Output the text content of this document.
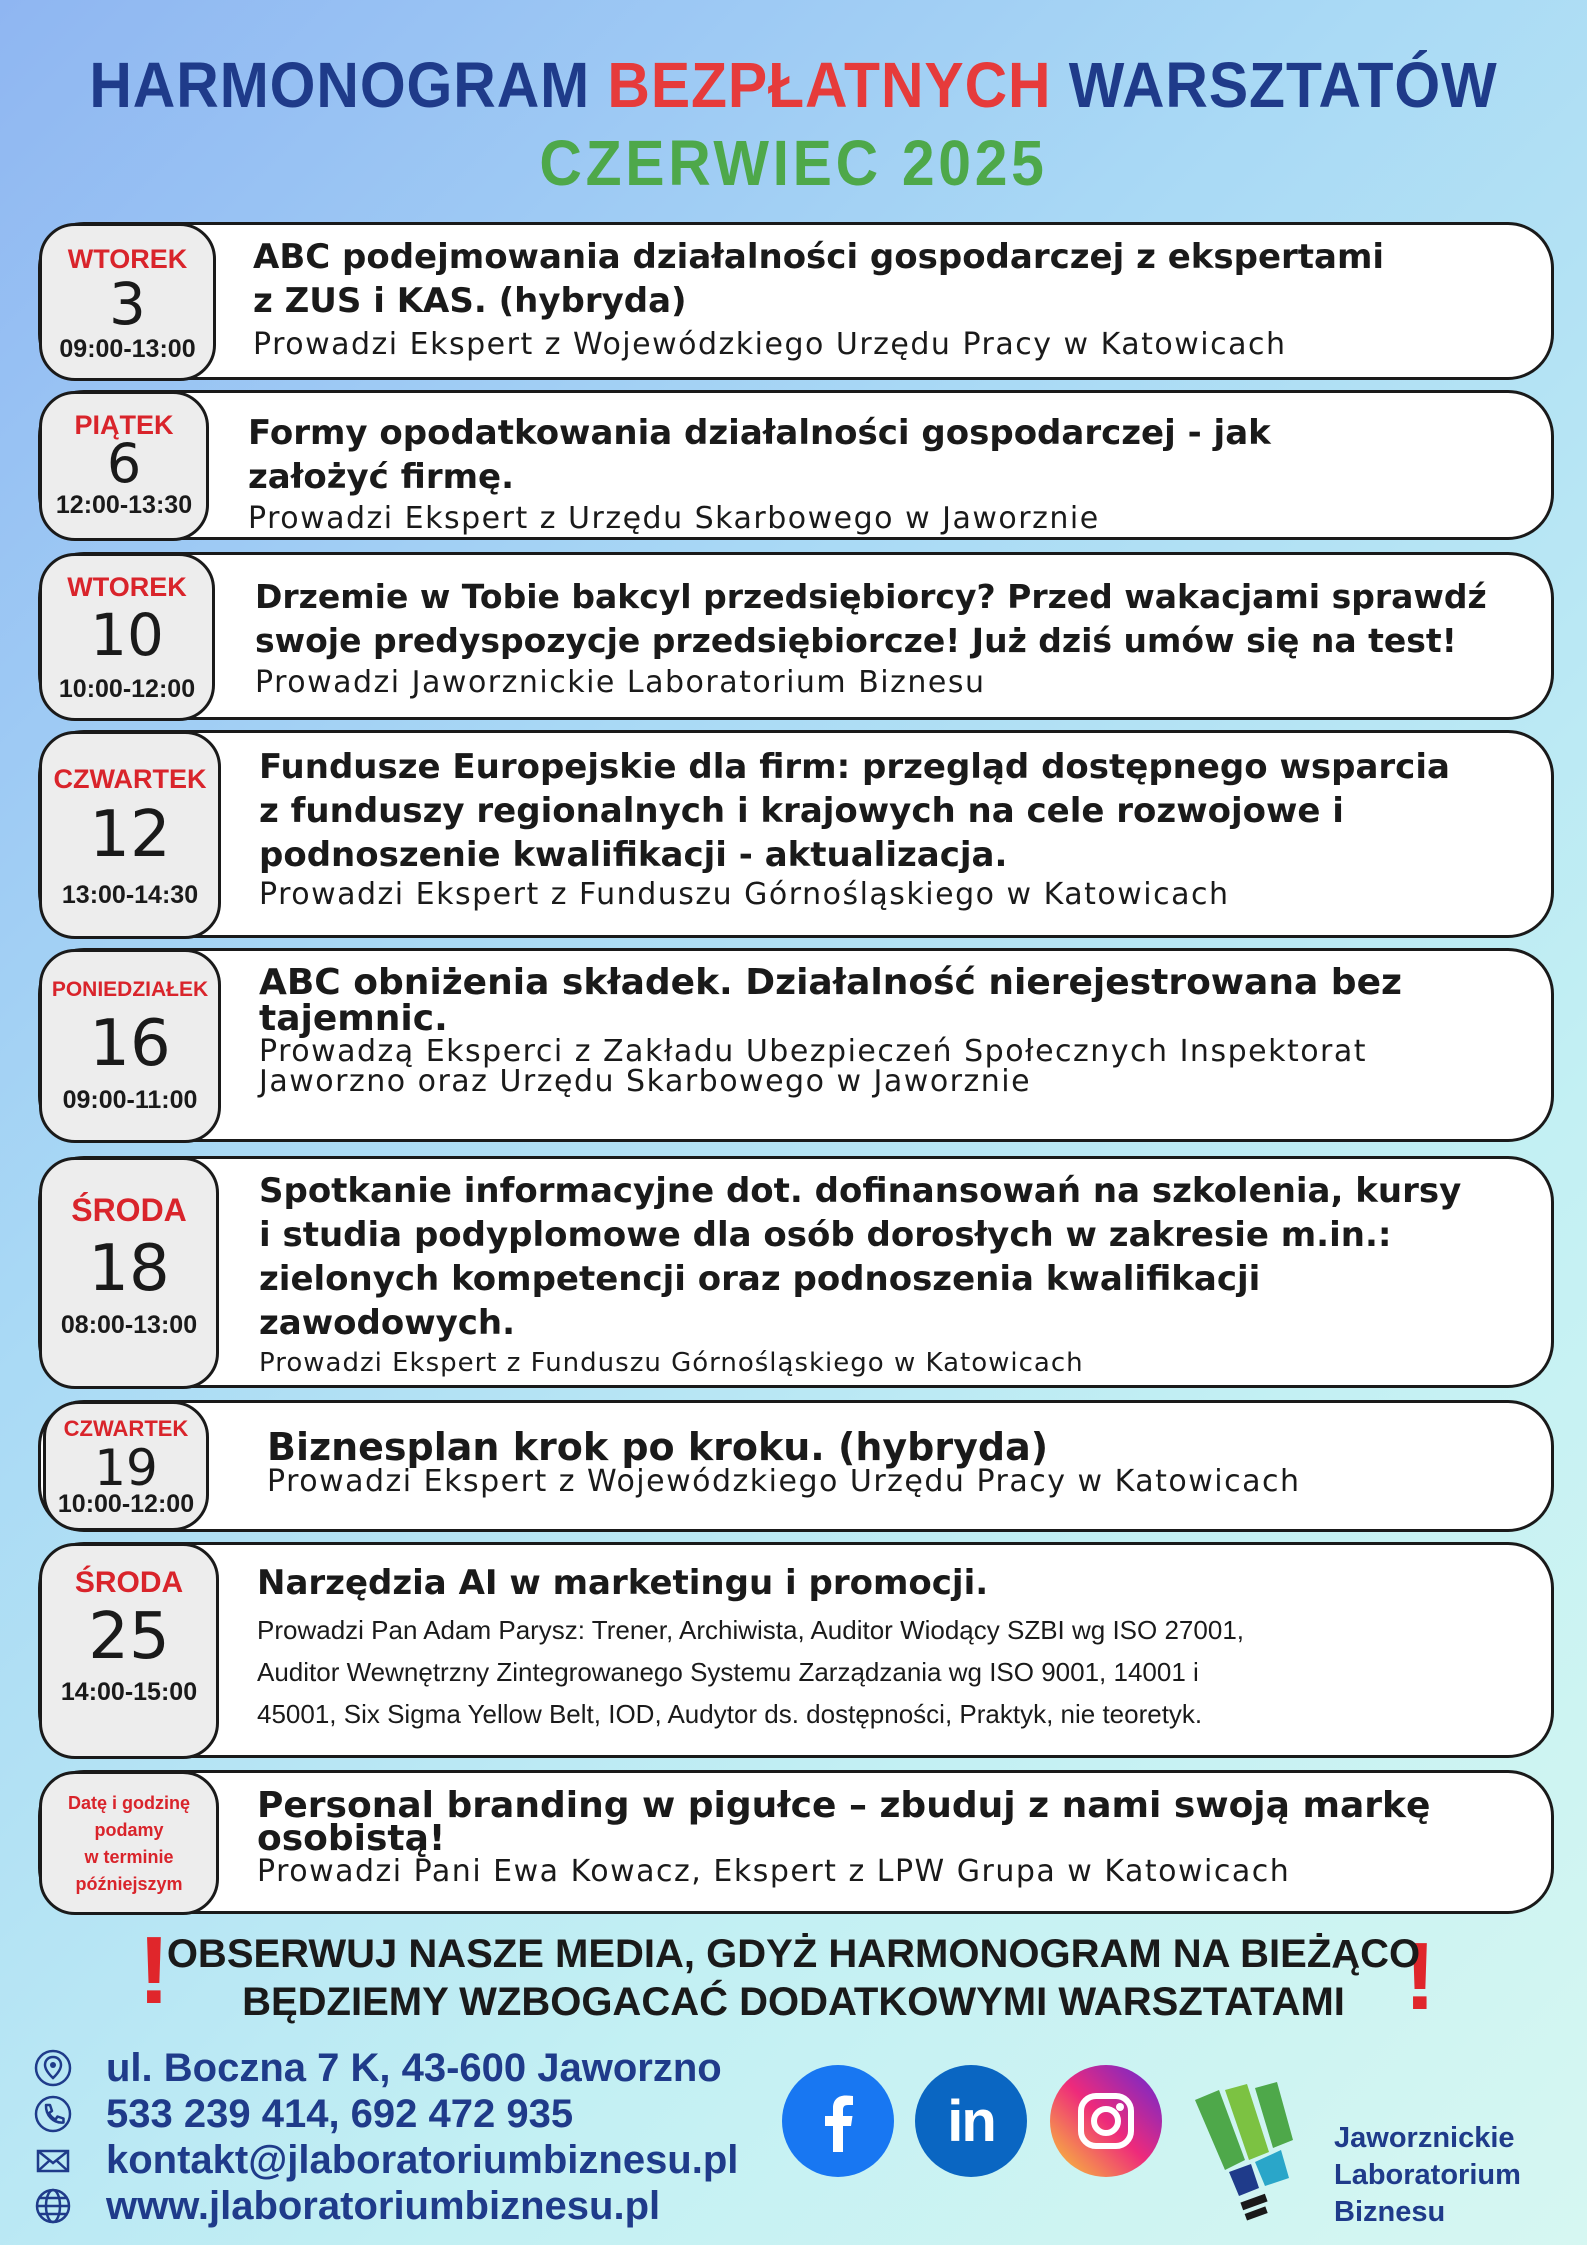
HARMONOGRAM BEZPŁATNYCH WARSZTATÓW
CZERWIEC 2025
WTOREK
3
09:00-13:00

ABC podejmowania działalności gospodarczej z ekspertami
z ZUS i KAS. (hybryda)

Prowadzi Ekspert z Wojewódzkiego Urzędu Pracy w Katowicach

PIĄTEK
6
12:00-13:30

Formy opodatkowania działalności gospodarczej - jak
założyć firmę.

Prowadzi Ekspert z Urzędu Skarbowego w Jaworznie

WTOREK
10
10:00-12:00

Drzemie w Tobie bakcyl przedsiębiorcy? Przed wakacjami sprawdź
swoje predyspozycje przedsiębiorcze! Już dziś umów się na test!

Prowadzi Jaworznickie Laboratorium Biznesu

CZWARTEK
12
13:00-14:30

Fundusze Europejskie dla firm: przegląd dostępnego wsparcia
z funduszy regionalnych i krajowych na cele rozwojowe i
podnoszenie kwalifikacji - aktualizacja.

Prowadzi Ekspert z Funduszu Górnośląskiego w Katowicach

PONIEDZIAŁEK
16
09:00-11:00

ABC obniżenia składek. Działalność nierejestrowana bez
tajemnic.

Prowadzą Eksperci z Zakładu Ubezpieczeń Społecznych Inspektorat
Jaworzno oraz Urzędu Skarbowego w Jaworznie

ŚRODA
18
08:00-13:00

Spotkanie informacyjne dot. dofinansowań na szkolenia, kursy
i studia podyplomowe dla osób dorosłych w zakresie m.in.:
zielonych kompetencji oraz podnoszenia kwalifikacji
zawodowych.

Prowadzi Ekspert z Funduszu Górnośląskiego w Katowicach

CZWARTEK
19
10:00-12:00

Biznesplan krok po kroku. (hybryda)

Prowadzi Ekspert z Wojewódzkiego Urzędu Pracy w Katowicach

ŚRODA
25
14:00-15:00

Narzędzia AI w marketingu i promocji.

Prowadzi Pan Adam Parysz: Trener, Archiwista, Auditor Wiodący SZBI wg ISO 27001,
Auditor Wewnętrzny Zintegrowanego Systemu Zarządzania wg ISO 9001, 14001 i
45001, Six Sigma Yellow Belt, IOD, Audytor ds. dostępności, Praktyk, nie teoretyk.

Datę i godzinę
podamy
w terminie
późniejszym

Personal branding w pigułce – zbuduj z nami swoją markę
osobistą!

Prowadzi Pani Ewa Kowacz, Ekspert z LPW Grupa w Katowicach

!	!
OBSERWUJ NASZE MEDIA, GDYŻ HARMONOGRAM NA BIEŻĄCO
BĘDZIEMY WZBOGACAĆ DODATKOWYMI WARSZTATAMI
ul. Boczna 7 K, 43-600 Jaworzno
533 239 414, 692 472 935
kontakt@jlaboratoriumbiznesu.pl
www.jlaboratoriumbiznesu.pl
in	Jaworznickie
Laboratorium
Biznesu
